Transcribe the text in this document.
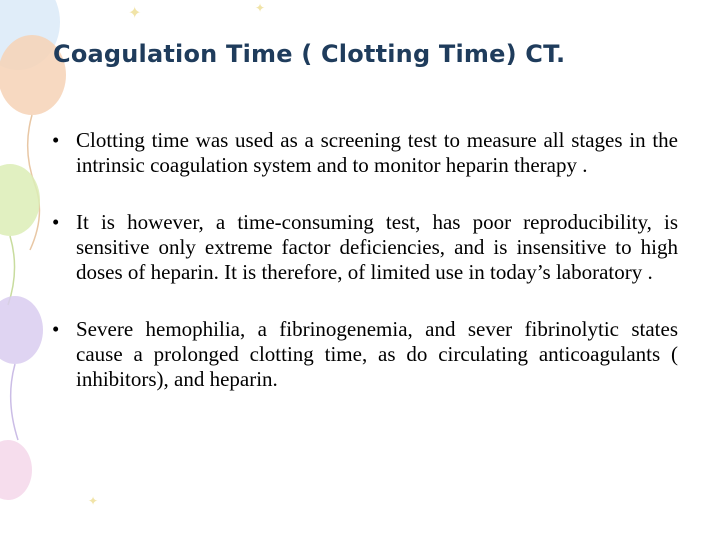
✦	✦
✦
Coagulation Time ( Clotting Time) CT.
• Clotting time was used as a screening test to measure all stages in the intrinsic coagulation system and to monitor heparin therapy .

• It is however, a time-consuming test, has poor reproducibility, is sensitive only extreme factor deficiencies, and is insensitive to high doses of heparin. It is therefore, of limited use in today’s laboratory .

• Severe hemophilia, a fibrinogenemia, and sever fibrinolytic states cause a prolonged clotting time, as do circulating anticoagulants ( inhibitors), and heparin.
